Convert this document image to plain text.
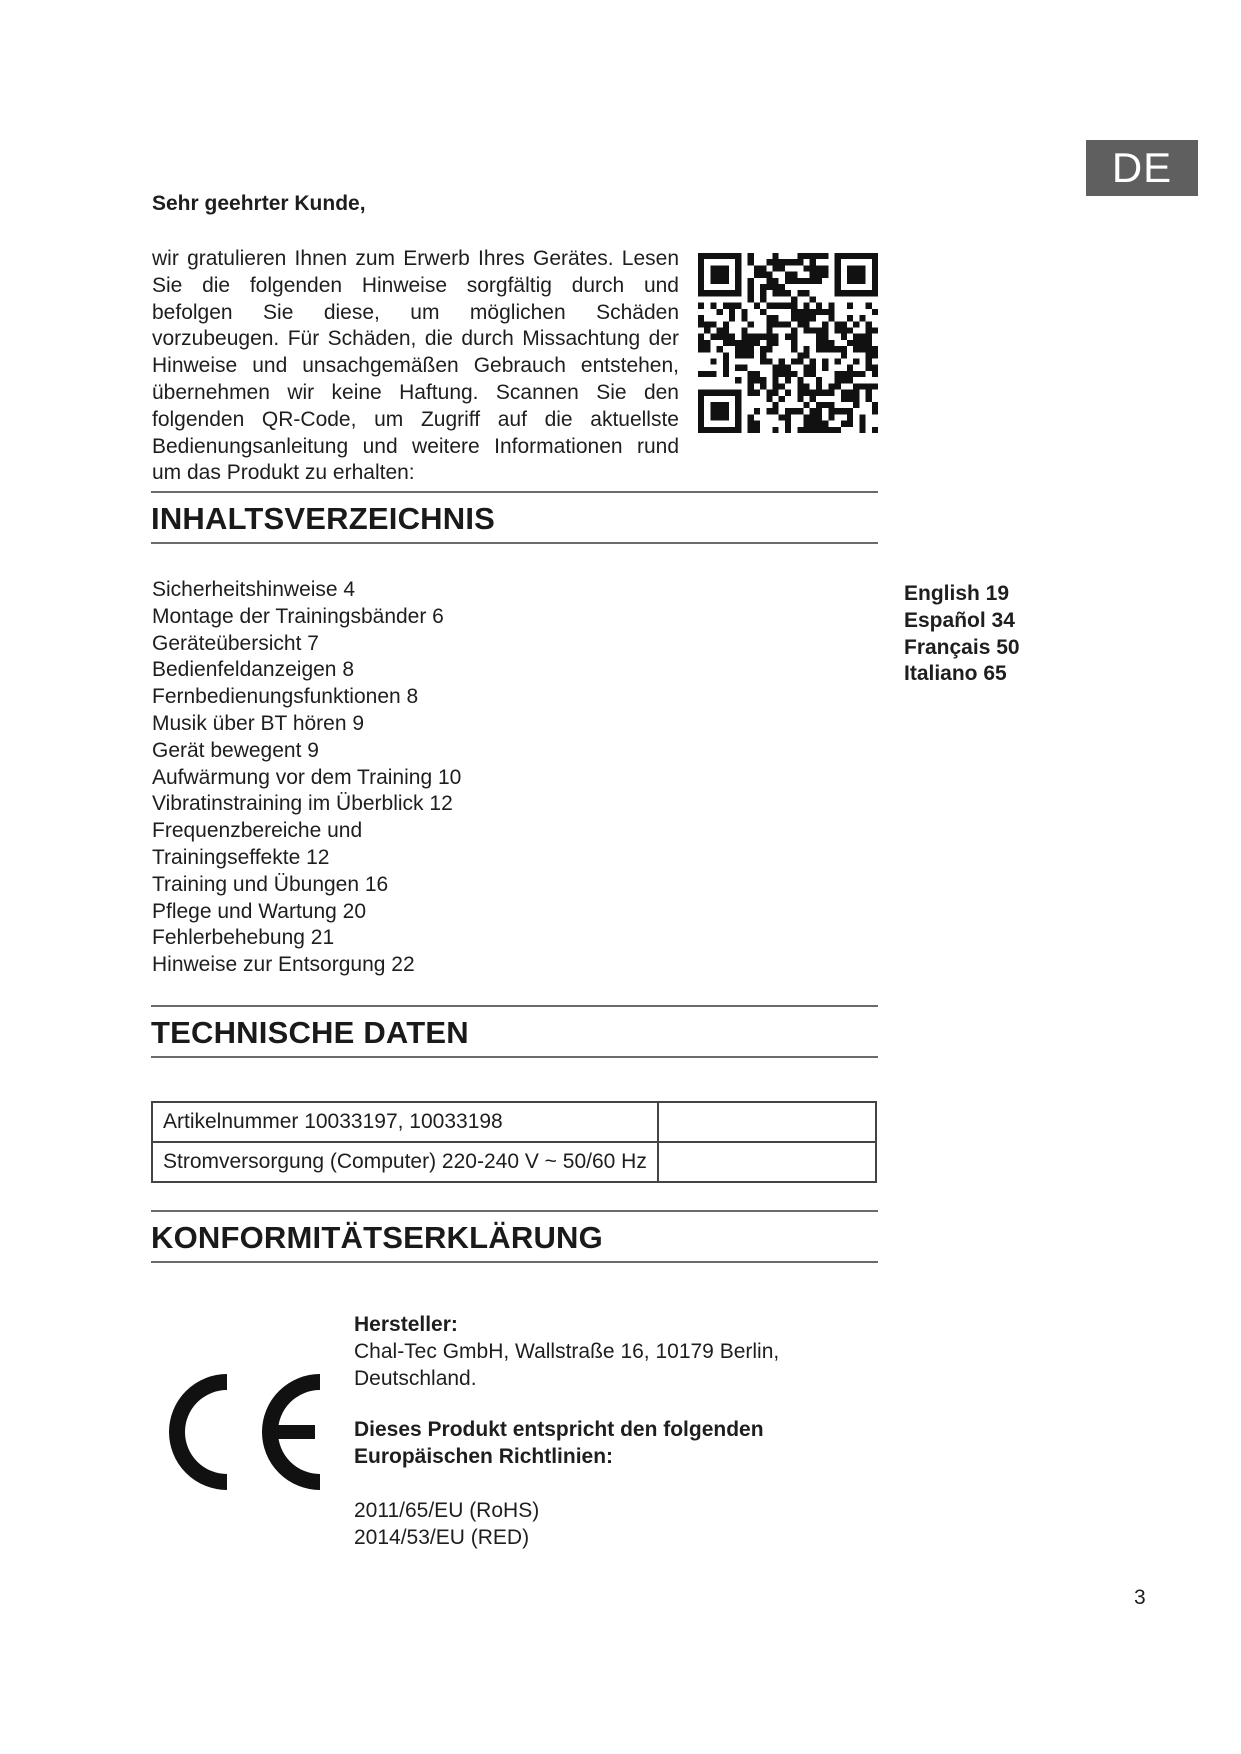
DE
Sehr geehrter Kunde,

wir gratulieren Ihnen zum Erwerb Ihres Gerätes. Lesen Sie die folgenden Hinweise sorgfältig durch und befolgen Sie diese, um möglichen Schäden vorzubeugen. Für Schäden, die durch Missachtung der Hinweise und unsachgemäßen Gebrauch entstehen, übernehmen wir keine Haftung. Scannen Sie den folgenden QR-Code, um Zugriff auf die aktuellste Bedienungsanleitung und weitere Informationen rund um das Produkt zu erhalten:

INHALTSVERZEICHNIS
Sicherheitshinweise 4
Montage der Trainingsbänder 6
Geräteübersicht 7
Bedienfeldanzeigen 8
Fernbedienungsfunktionen 8
Musik über BT hören 9
Gerät bewegent 9
Aufwärmung vor dem Training 10
Vibratinstraining im Überblick 12
Frequenzbereiche und
Trainingseffekte 12
Training und Übungen 16
Pflege und Wartung 20
Fehlerbehebung 21
Hinweise zur Entsorgung 22
English 19
Español 34
Français 50
Italiano 65
TECHNISCHE DATEN
Artikelnummer 10033197, 10033198	
Stromversorgung (Computer) 220-240 V ~ 50/60 Hz	
KONFORMITÄTSERKLÄRUNG

Hersteller:

Chal-Tec GmbH, Wallstraße 16, 10179 Berlin,

Deutschland.

Dieses Produkt entspricht den folgenden

Europäischen Richtlinien:

2011/65/EU (RoHS)

2014/53/EU (RED)

3
